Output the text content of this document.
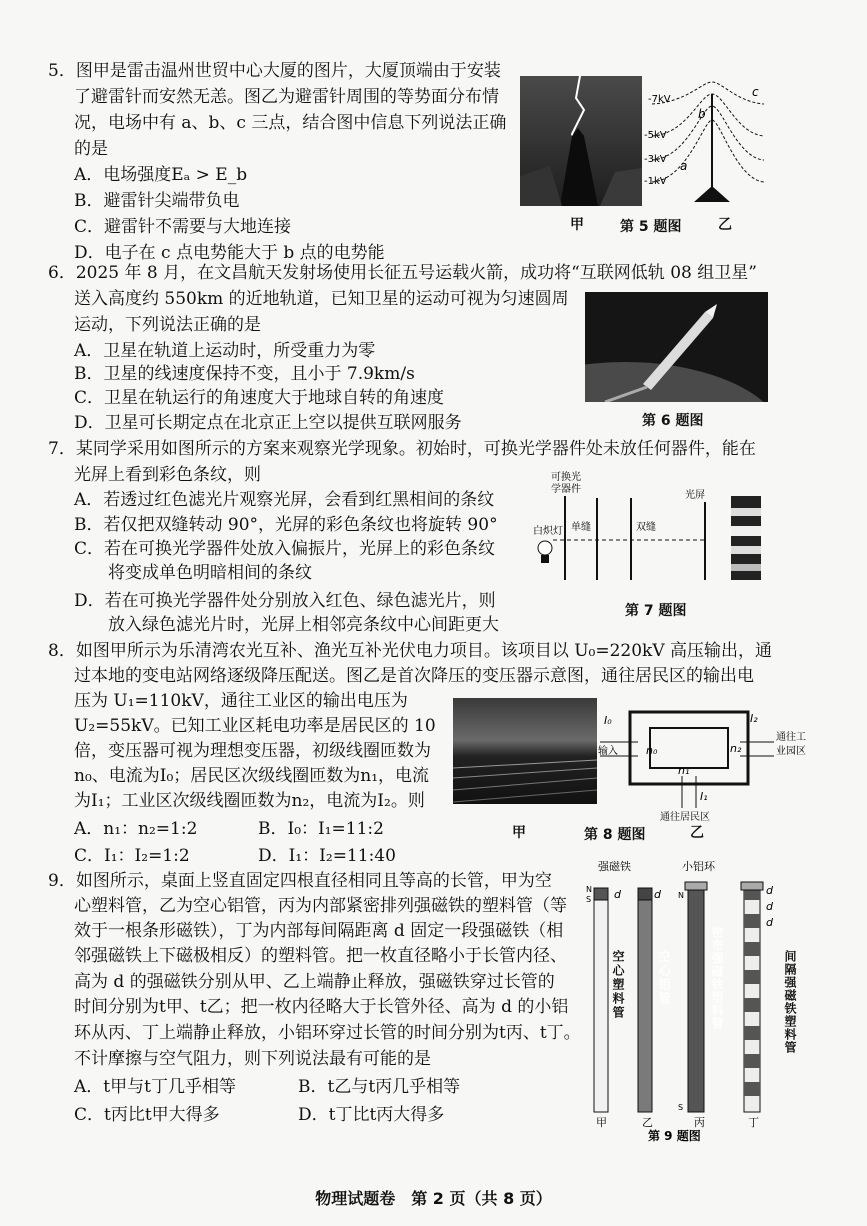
5．图甲是雷击温州世贸中心大厦的图片，大厦顶端由于安装
了避雷针而安然无恙。图乙为避雷针周围的等势面分布情
况，电场中有 a、b、c 三点，结合图中信息下列说法正确
的是
A．电场强度Eₐ > E_b
B．避雷针尖端带负电
C．避雷针不需要与大地连接
D．电子在 c 点电势能大于 b 点的电势能
-7kV
-5kV
-3kV
-1kV
c
b
a
甲	第 5 题图	乙
6．2025 年 8 月，在文昌航天发射场使用长征五号运载火箭，成功将“互联网低轨 08 组卫星”
送入高度约 550km 的近地轨道，已知卫星的运动可视为匀速圆周
运动，下列说法正确的是
A．卫星在轨道上运动时，所受重力为零
B．卫星的线速度保持不变，且小于 7.9km/s
C．卫星在轨运行的角速度大于地球自转的角速度
D．卫星可长期定点在北京正上空以提供互联网服务	第 6 题图
7．某同学采用如图所示的方案来观察光学现象。初始时，可换光学器件处未放任何器件，能在
光屏上看到彩色条纹，则
A．若透过红色滤光片观察光屏，会看到红黑相间的条纹
B．若仅把双缝转动 90°，光屏的彩色条纹也将旋转 90°
C．若在可换光学器件处放入偏振片，光屏上的彩色条纹
将变成单色明暗相间的条纹
D．若在可换光学器件处分别放入红色、绿色滤光片，则
放入绿色滤光片时，光屏上相邻亮条纹中心间距更大
可换光
学器件
光屏
白炽灯 单缝	双缝
第 7 题图
8．如图甲所示为乐清湾农光互补、渔光互补光伏电力项目。该项目以 U₀=220kV 高压输出，通
过本地的变电站网络逐级降压配送。图乙是首次降压的变压器示意图，通往居民区的输出电
压为 U₁=110kV，通往工业区的输出电压为
U₂=55kV。已知工业区耗电功率是居民区的 10
倍，变压器可视为理想变压器，初级线圈匝数为
n₀、电流为I₀；居民区次级线圈匝数为n₁，电流
为I₁；工业区次级线圈匝数为n₂，电流为I₂。则
A．n₁：n₂=1:2	B．I₀：I₁=11:2
C．I₁：I₂=1:2	D．I₁：I₂=11:40
甲
I₀
输入	n₀	n₂
I₂
通往工
业园区
n₁
I₁
通往居民区
第 8 题图	乙
9．如图所示，桌面上竖直固定四根直径相同且等高的长管，甲为空
心塑料管，乙为空心铝管，丙为内部紧密排列强磁铁的塑料管（等
效于一根条形磁铁），丁为内部每间隔距离 d 固定一段强磁铁（相
邻强磁铁上下磁极相反）的塑料管。把一枚直径略小于长管内径、
高为 d 的强磁铁分别从甲、乙上端静止释放，强磁铁穿过长管的
时间分别为t甲、t乙；把一枚内径略大于长管外径、高为 d 的小铝
环从丙、丁上端静止释放，小铝环穿过长管的时间分别为t丙、t丁。
不计摩擦与空气阻力，则下列说法最有可能的是
A．t甲与t丁几乎相等	B．t乙与t丙几乎相等
C．t丙比t甲大得多	D．t丁比t丙大得多
强磁铁	小铝环
N
S d
甲
d
乙
N
S
丙
d
d
d
丁
第 9 题图
空心塑料管	空心铝管	密布强磁铁塑料管	间隔强磁铁塑料管
物理试题卷　第 2 页（共 8 页）
